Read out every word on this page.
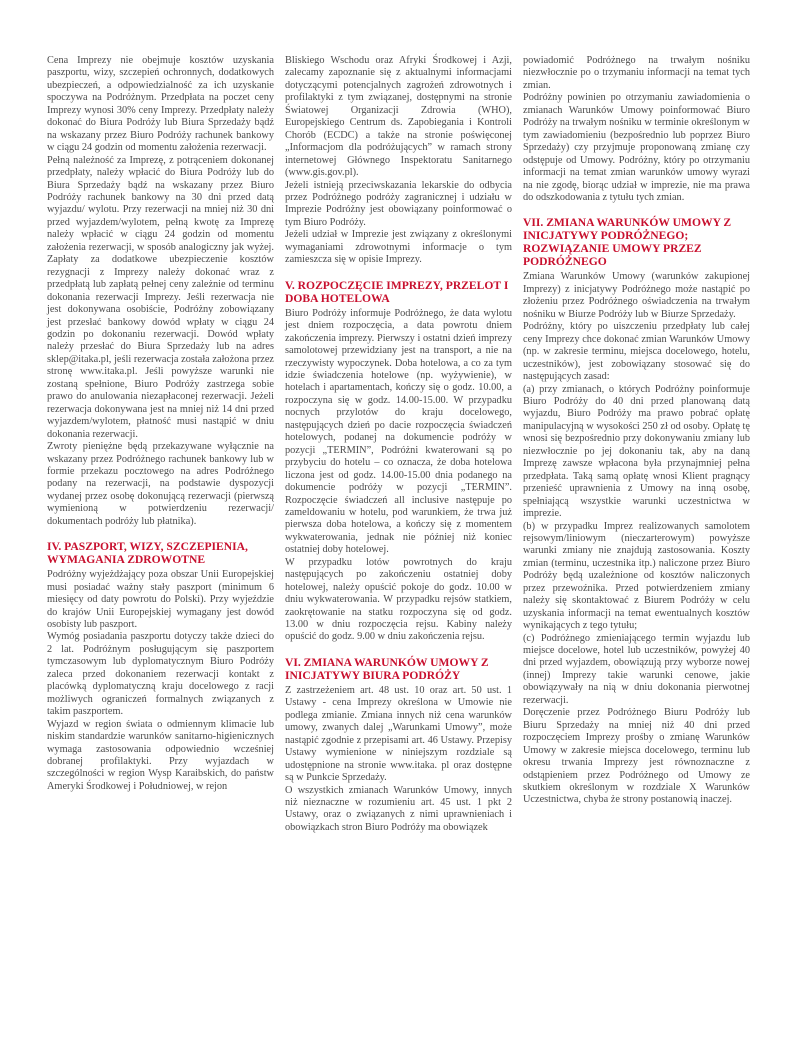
Cena Imprezy nie obejmuje kosztów uzyskania paszportu, wizy, szczepień ochronnych, dodatkowych ubezpieczeń, a odpowiedzialność za ich uzyskanie spoczywa na Podróżnym. Przedpłata na poczet ceny Imprezy wynosi 30% ceny Imprezy. Przedpłaty należy dokonać do Biura Podróży lub Biura Sprzedaży bądź na wskazany przez Biuro Podróży rachunek bankowy w ciągu 24 godzin od momentu założenia rezerwacji.

Pełną należność za Imprezę, z potrąceniem dokonanej przedpłaty, należy wpłacić do Biura Podróży lub do Biura Sprzedaży bądź na wskazany przez Biuro Podróży rachunek bankowy na 30 dni przed datą wyjazdu/ wylotu. Przy rezerwacji na mniej niż 30 dni przed wyjazdem/wylotem, pełną kwotę za Imprezę należy wpłacić w ciągu 24 godzin od momentu założenia rezerwacji, w sposób analogiczny jak wyżej. Zapłaty za dodatkowe ubezpieczenie kosztów rezygnacji z Imprezy należy dokonać wraz z przedpłatą lub zapłatą pełnej ceny zależnie od terminu dokonania rezerwacji Imprezy. Jeśli rezerwacja nie jest dokonywana osobiście, Podróżny zobowiązany jest przesłać bankowy dowód wpłaty w ciągu 24 godzin po dokonaniu rezerwacji. Dowód wpłaty należy przesłać do Biura Sprzedaży lub na adres sklep@itaka.pl, jeśli rezerwacja została założona przez stronę www.itaka.pl. Jeśli powyższe warunki nie zostaną spełnione, Biuro Podróży zastrzega sobie prawo do anulowania niezapłaconej rezerwacji. Jeżeli rezerwacja dokonywana jest na mniej niż 14 dni przed wyjazdem/wylotem, płatność musi nastąpić w dniu dokonania rezerwacji.

Zwroty pieniężne będą przekazywane wyłącznie na wskazany przez Podróżnego rachunek bankowy lub w formie przekazu pocztowego na adres Podróżnego podany na rezerwacji, na podstawie dyspozycji wydanej przez osobę dokonującą rezerwacji (pierwszą wymienioną w potwierdzeniu rezerwacji/ dokumentach podróży lub płatnika).

IV. PASZPORT, WIZY, SZCZEPIENIA, WYMAGANIA ZDROWOTNE

Podróżny wyjeżdżający poza obszar Unii Europejskiej musi posiadać ważny stały paszport (minimum 6 miesięcy od daty powrotu do Polski). Przy wyjeździe do krajów Unii Europejskiej wymagany jest dowód osobisty lub paszport.

Wymóg posiadania paszportu dotyczy także dzieci do 2 lat. Podróżnym posługującym się paszportem tymczasowym lub dyplomatycznym Biuro Podróży zaleca przed dokonaniem rezerwacji kontakt z placówką dyplomatyczną kraju docelowego z racji możliwych ograniczeń formalnych związanych z takim paszportem.

Wyjazd w region świata o odmiennym klimacie lub niskim standardzie warunków sanitarno-higienicznych wymaga zastosowania odpowiednio wcześniej dobranej profilaktyki. Przy wyjazdach w szczególności w region Wysp Karaibskich, do państw Ameryki Środkowej i Południowej, w rejon

Bliskiego Wschodu oraz Afryki Środkowej i Azji, zalecamy zapoznanie się z aktualnymi informacjami dotyczącymi potencjalnych zagrożeń zdrowotnych i profilaktyki z tym związanej, dostępnymi na stronie Światowej Organizacji Zdrowia (WHO), Europejskiego Centrum ds. Zapobiegania i Kontroli Chorób (ECDC) a także na stronie poświęconej „Informacjom dla podróżujących” w ramach strony internetowej Głównego Inspektoratu Sanitarnego (www.gis.gov.pl).

Jeżeli istnieją przeciwskazania lekarskie do odbycia przez Podróżnego podróży zagranicznej i udziału w Imprezie Podróżny jest obowiązany poinformować o tym Biuro Podróży.

Jeżeli udział w Imprezie jest związany z określonymi wymaganiami zdrowotnymi informacje o tym zamieszcza się w opisie Imprezy.

V. ROZPOCZĘCIE IMPREZY, PRZELOT I DOBA HOTELOWA

Biuro Podróży informuje Podróżnego, że data wylotu jest dniem rozpoczęcia, a data powrotu dniem zakończenia imprezy. Pierwszy i ostatni dzień imprezy samolotowej przewidziany jest na transport, a nie na rzeczywisty wypoczynek. Doba hotelowa, a co za tym idzie świadczenia hotelowe (np. wyżywienie), w hotelach i apartamentach, kończy się o godz. 10.00, a rozpoczyna się w godz. 14.00-15.00. W przypadku nocnych przylotów do kraju docelowego, następujących dzień po dacie rozpoczęcia świadczeń hotelowych, podanej na dokumencie podróży w pozycji „TERMIN”, Podróżni kwaterowani są po przybyciu do hotelu – co oznacza, że doba hotelowa liczona jest od godz. 14.00-15.00 dnia podanego na dokumencie podróży w pozycji „TERMIN”. Rozpoczęcie świadczeń all inclusive następuje po zameldowaniu w hotelu, pod warunkiem, że trwa już pierwsza doba hotelowa, a kończy się z momentem wykwaterowania, jednak nie później niż koniec ostatniej doby hotelowej.

W przypadku lotów powrotnych do kraju następujących po zakończeniu ostatniej doby hotelowej, należy opuścić pokoje do godz. 10.00 w dniu wykwaterowania. W przypadku rejsów statkiem, zaokrętowanie na statku rozpoczyna się od godz. 13.00 w dniu rozpoczęcia rejsu. Kabiny należy opuścić do godz. 9.00 w dniu zakończenia rejsu.

VI. ZMIANA WARUNKÓW UMOWY Z INICJATYWY BIURA PODRÓŻY

Z zastrzeżeniem art. 48 ust. 10 oraz art. 50 ust. 1 Ustawy - cena Imprezy określona w Umowie nie podlega zmianie. Zmiana innych niż cena warunków umowy, zwanych dalej „Warunkami Umowy”, może nastąpić zgodnie z przepisami art. 46 Ustawy. Przepisy Ustawy wymienione w niniejszym rozdziale są udostępnione na stronie www.itaka. pl oraz dostępne są w Punkcie Sprzedaży.

O wszystkich zmianach Warunków Umowy, innych niż nieznaczne w rozumieniu art. 45 ust. 1 pkt 2 Ustawy, oraz o związanych z nimi uprawnieniach i obowiązkach stron Biuro Podróży ma obowiązek

powiadomić Podróżnego na trwałym nośniku niezwłocznie po o trzymaniu informacji na temat tych zmian.

Podróżny powinien po otrzymaniu zawiadomienia o zmianach Warunków Umowy poinformować Biuro Podróży na trwałym nośniku w terminie określonym w tym zawiadomieniu (bezpośrednio lub poprzez Biuro Sprzedaży) czy przyjmuje proponowaną zmianę czy odstępuje od Umowy. Podróżny, który po otrzymaniu informacji na temat zmian warunków umowy wyrazi na nie zgodę, biorąc udział w imprezie, nie ma prawa do odszkodowania z tytułu tych zmian.

VII. ZMIANA WARUNKÓW UMOWY Z INICJATYWY PODRÓŻNEGO; ROZWIĄZANIE UMOWY PRZEZ PODRÓŻNEGO

Zmiana Warunków Umowy (warunków zakupionej Imprezy) z inicjatywy Podróżnego może nastąpić po złożeniu przez Podróżnego oświadczenia na trwałym nośniku w Biurze Podróży lub w Biurze Sprzedaży.

Podróżny, który po uiszczeniu przedpłaty lub całej ceny Imprezy chce dokonać zmian Warunków Umowy (np. w zakresie terminu, miejsca docelowego, hotelu, uczestników), jest zobowiązany stosować się do następujących zasad:

(a) przy zmianach, o których Podróżny poinformuje Biuro Podróży do 40 dni przed planowaną datą wyjazdu, Biuro Podróży ma prawo pobrać opłatę manipulacyjną w wysokości 250 zł od osoby. Opłatę tę wnosi się bezpośrednio przy dokonywaniu zmiany lub niezwłocznie po jej dokonaniu tak, aby na daną Imprezę zawsze wpłacona była przynajmniej pełna przedpłata. Taką samą opłatę wnosi Klient pragnący przenieść uprawnienia z Umowy na inną osobę, spełniającą wszystkie warunki uczestnictwa w imprezie.

(b) w przypadku Imprez realizowanych samolotem rejsowym/liniowym (nieczarterowym) powyższe warunki zmiany nie znajdują zastosowania. Koszty zmian (terminu, uczestnika itp.) naliczone przez Biuro Podróży będą uzależnione od kosztów naliczonych przez przewoźnika. Przed potwierdzeniem zmiany należy się skontaktować z Biurem Podróży w celu uzyskania informacji na temat ewentualnych kosztów wynikających z tego tytułu;

(c) Podróżnego zmieniającego termin wyjazdu lub miejsce docelowe, hotel lub uczestników, powyżej 40 dni przed wyjazdem, obowiązują przy wyborze nowej (innej) Imprezy takie warunki cenowe, jakie obowiązywały na nią w dniu dokonania pierwotnej rezerwacji.

Doręczenie przez Podróżnego Biuru Podróży lub Biuru Sprzedaży na mniej niż 40 dni przed rozpoczęciem Imprezy prośby o zmianę Warunków Umowy w zakresie miejsca docelowego, terminu lub okresu trwania Imprezy jest równoznaczne z odstąpieniem przez Podróżnego od Umowy ze skutkiem określonym w rozdziale X Warunków Uczestnictwa, chyba że strony postanowią inaczej.
